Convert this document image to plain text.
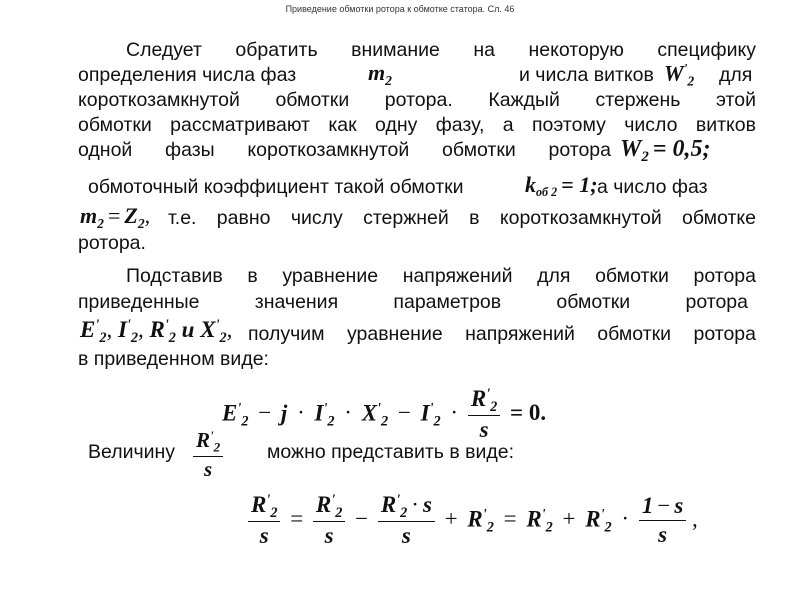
Приведение обмотки ротора к обмотке статора. Сл. 46
Следует обратить внимание на некоторую специфику
определения числа фаз	$m_2$	и числа витков $W'_2$ для
короткозамкнутой обмотки ротора. Каждый стержень этой
обмотки рассматривают как одну фазу, а поэтому число витков
одной фазы короткозамкнутой обмотки ротора $W_2 = 0,5$;
обмоточный коэффициент такой обмотки	$k_{об 2} = 1$; а число фаз
$m_2 = Z_2$, т.е. равно числу стержней в короткозамкнутой обмотке
ротора.
Подставив в уравнение напряжений для обмотки ротора
приведенные значения параметров обмотки ротора
$E'_2$, $I'_2$, $R'_2$ u $X'_2$, получим уравнение напряжений обмотки ротора
в приведенном виде:
$E'_2 - j \cdot I'_2 \cdot X'_2 - I'_2 \cdot \frac{R'_2}{s} = 0$.
Величину $\frac{R'_2}{s}$ можно представить в виде:
$\frac{R'_2}{s} = \frac{R'_2}{s} - \frac{R'_2 \cdot s}{s} + R'_2 = R'_2 + R'_2 \cdot \frac{1 - s}{s}$ ,
